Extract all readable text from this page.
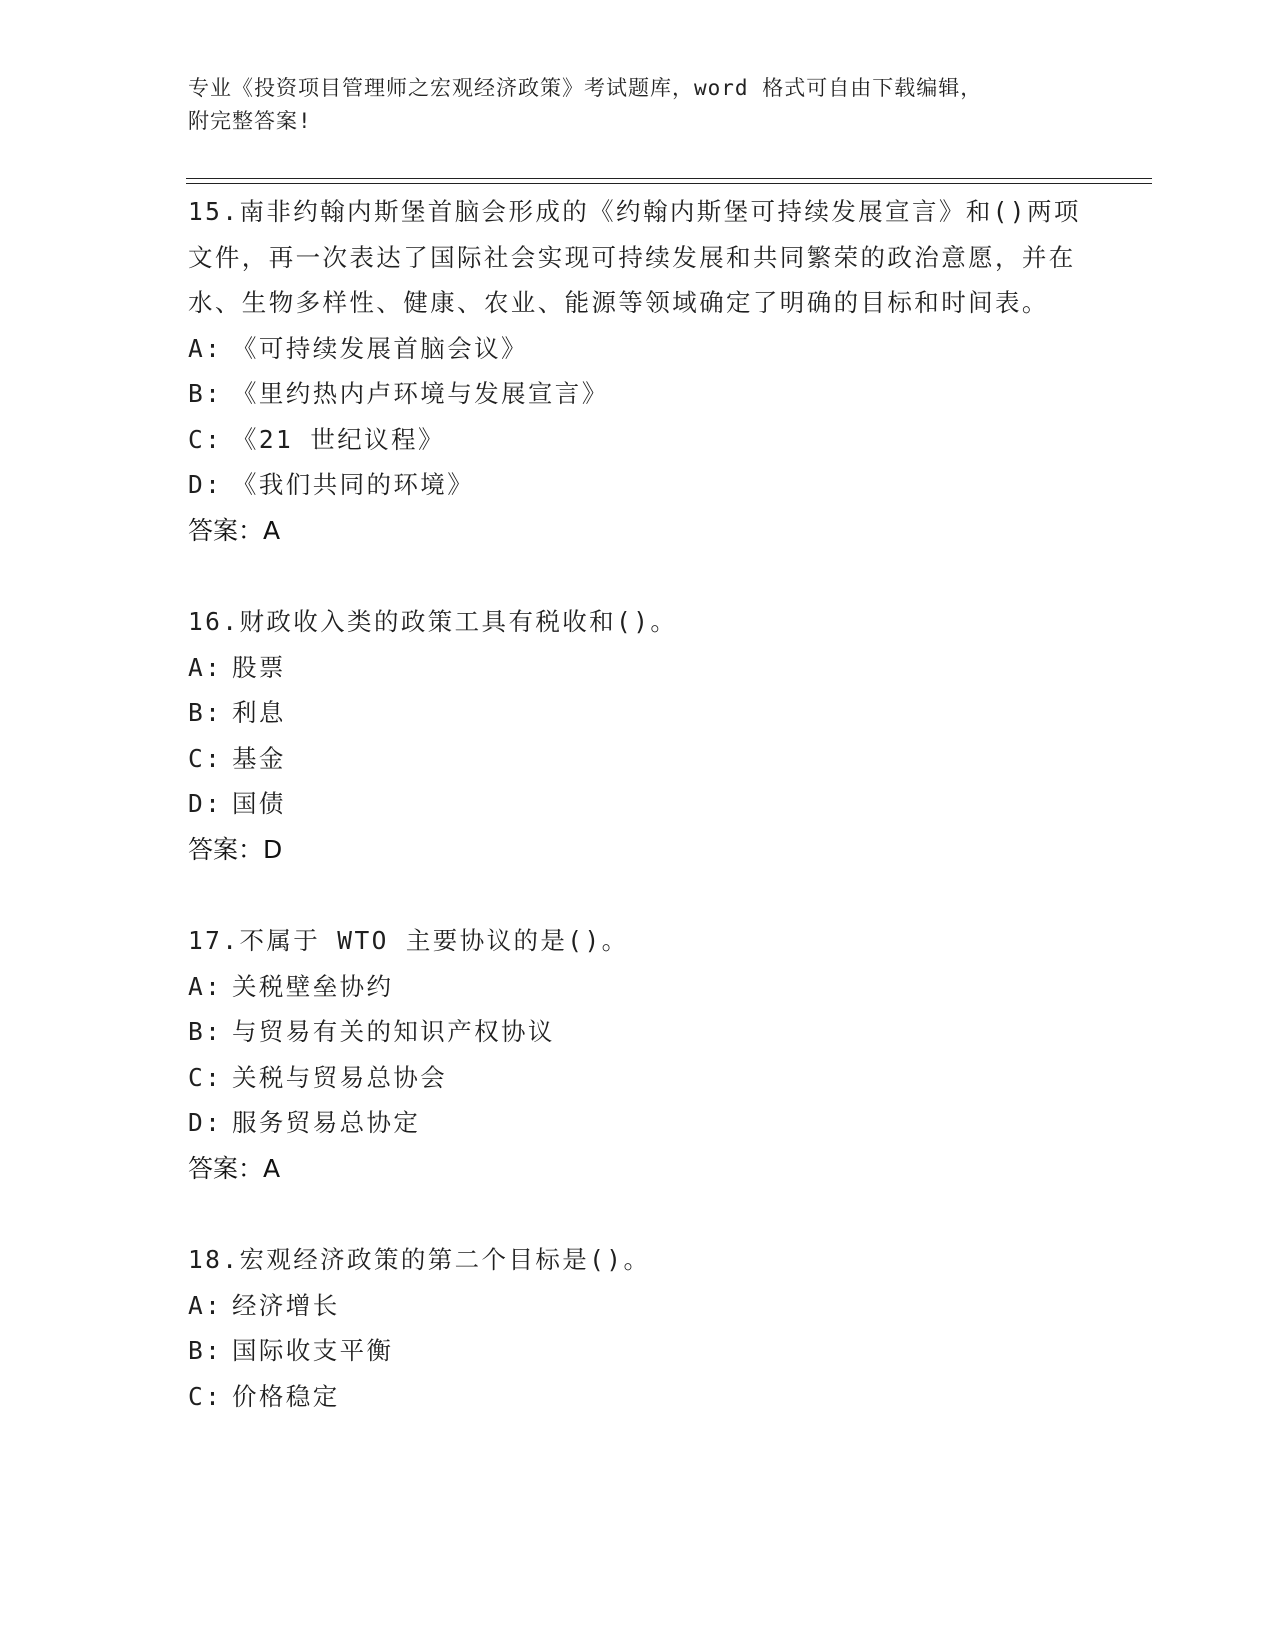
专业《投资项目管理师之宏观经济政策》考试题库，word 格式可自由下载编辑，
附完整答案!

15.南非约翰内斯堡首脑会形成的《约翰内斯堡可持续发展宣言》和()两项文件，再一次表达了国际社会实现可持续发展和共同繁荣的政治意愿，并在水、生物多样性、健康、农业、能源等领域确定了明确的目标和时间表。

A: 《可持续发展首脑会议》
B: 《里约热内卢环境与发展宣言》
C: 《21 世纪议程》
D: 《我们共同的环境》

答案：A

16.财政收入类的政策工具有税收和()。

A: 股票
B: 利息
C: 基金
D: 国债

答案：D

17.不属于 WTO 主要协议的是()。

A: 关税壁垒协约
B: 与贸易有关的知识产权协议
C: 关税与贸易总协会
D: 服务贸易总协定

答案：A

18.宏观经济政策的第二个目标是()。

A: 经济增长
B: 国际收支平衡
C: 价格稳定
